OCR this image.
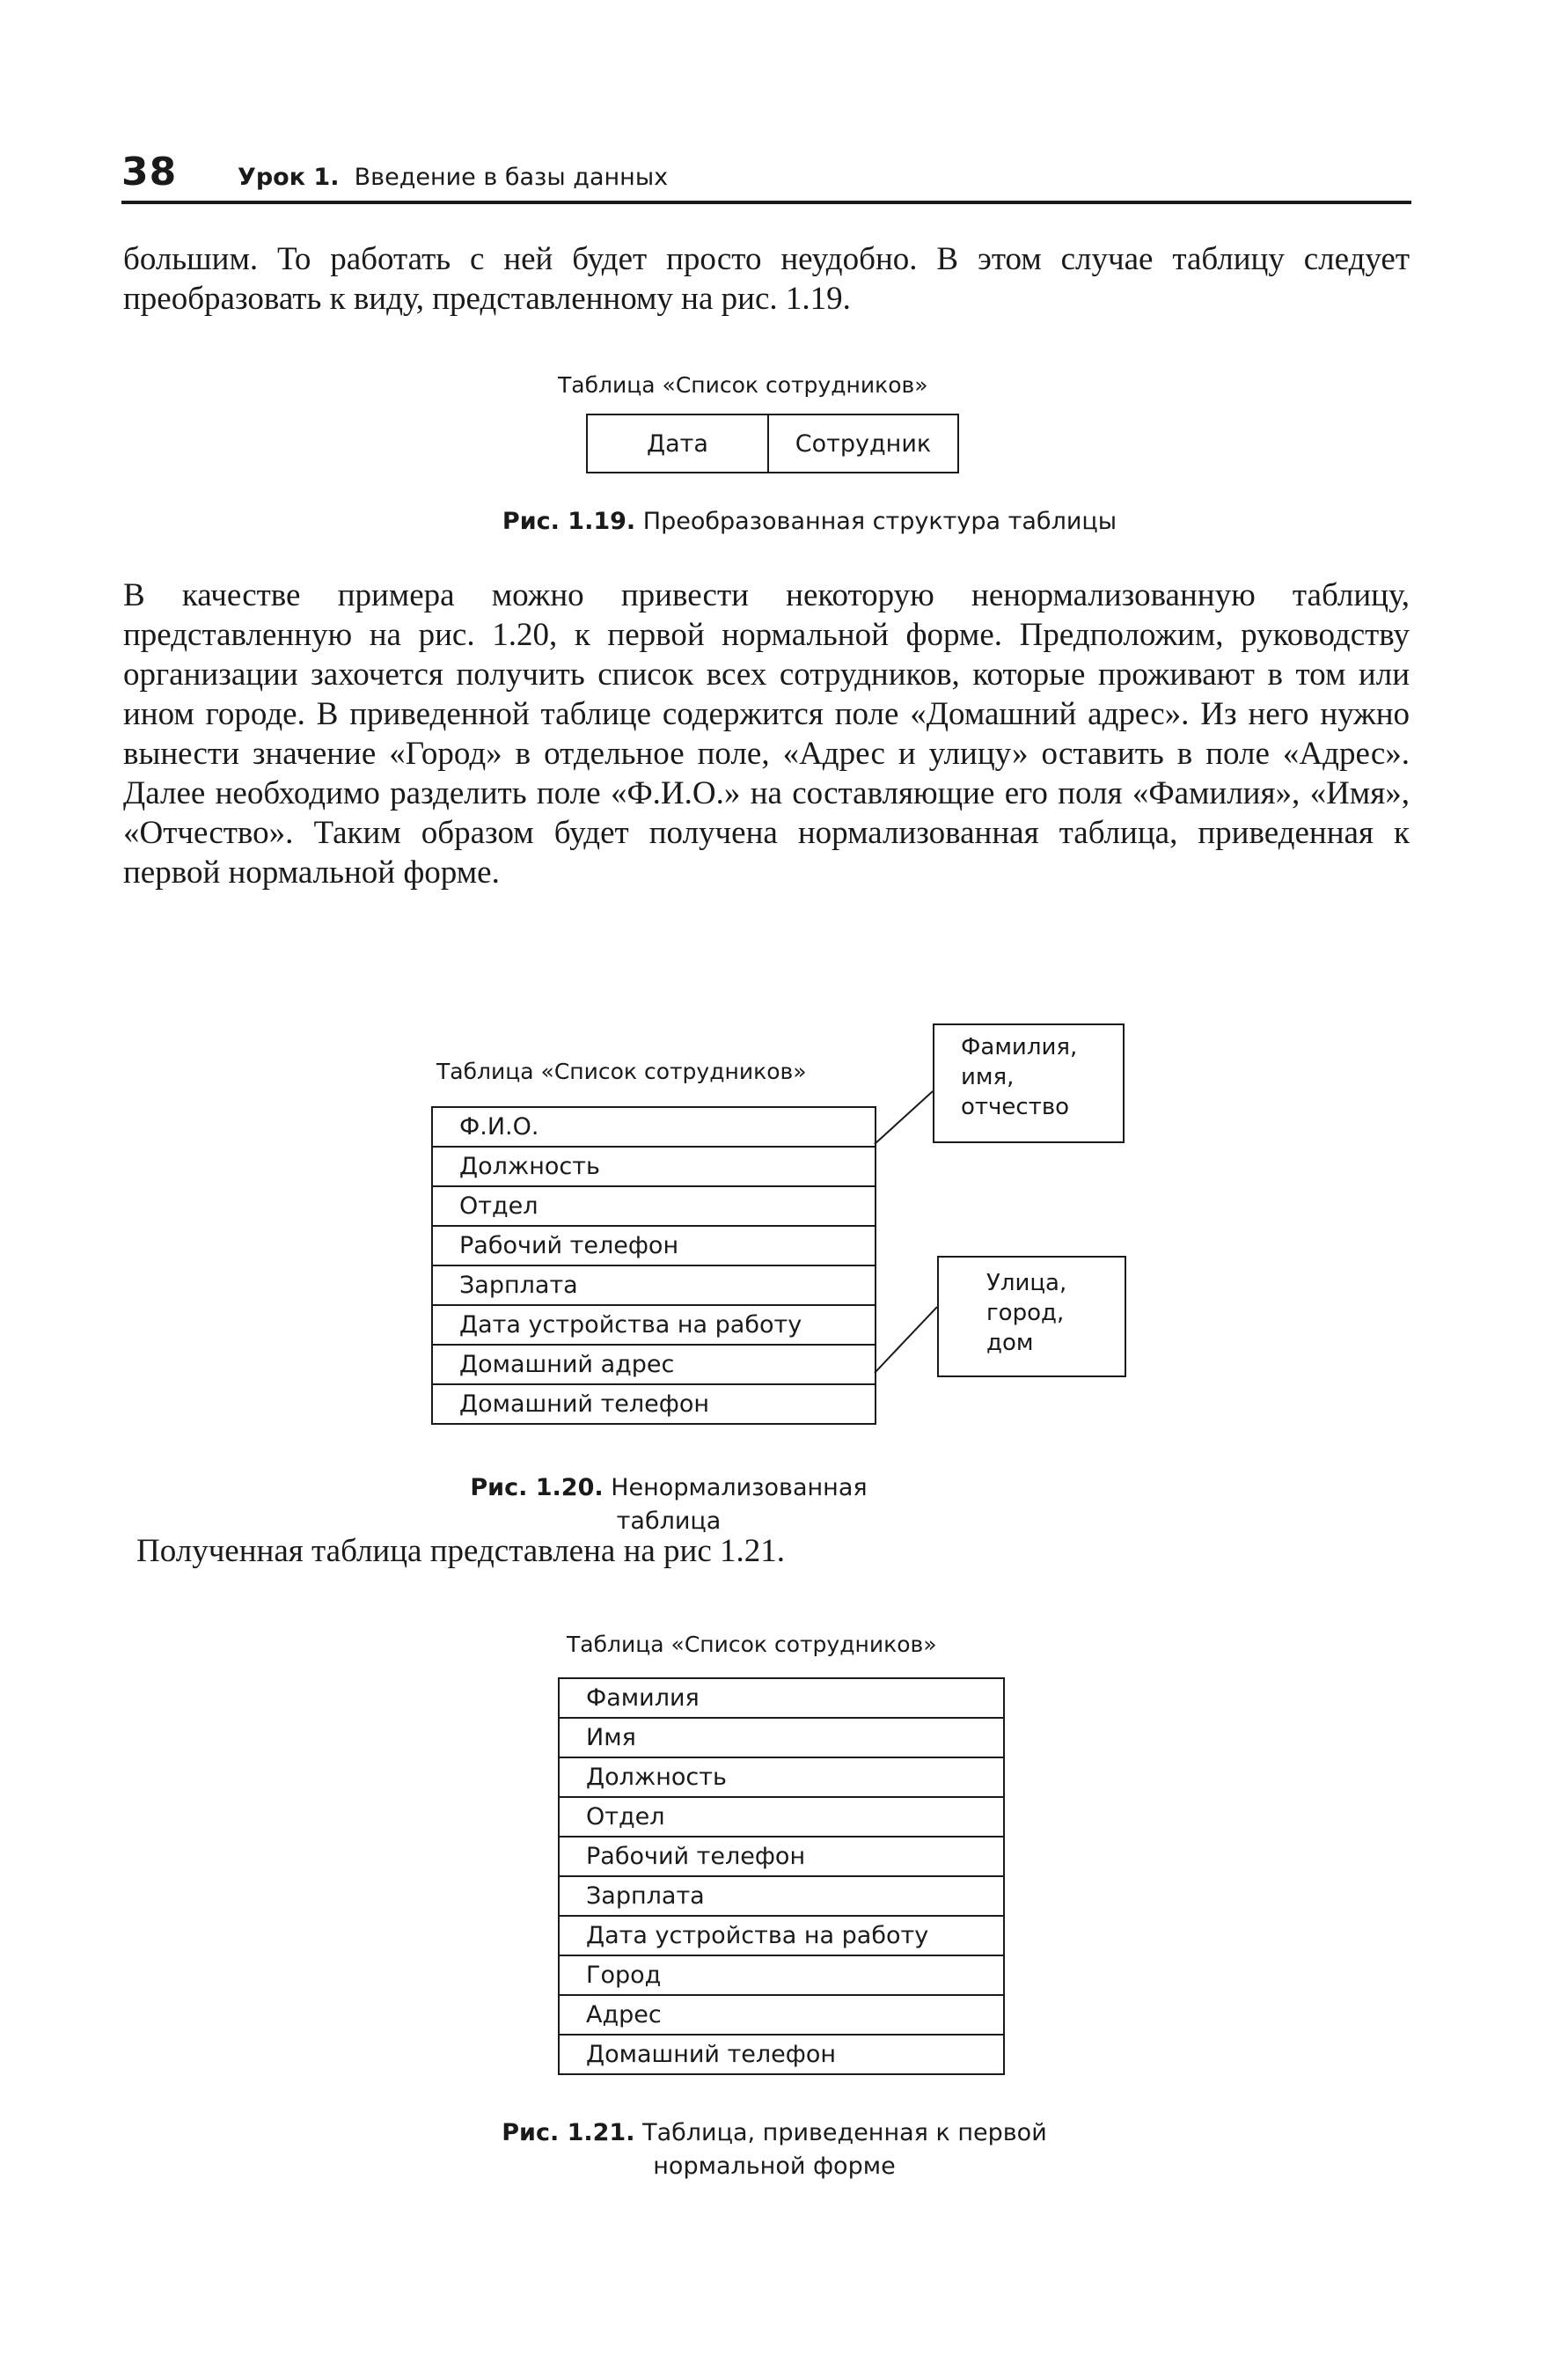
38	Урок 1. Введение в базы данных

большим. То работать с ней будет просто неудобно. В этом случае таблицу следует преобразовать к виду, представленному на рис. 1.19.

Таблица «Список сотрудников»
Дата	Сотрудник
Рис. 1.19. Преобразованная структура таблицы

В качестве примера можно привести некоторую ненормализованную таблицу, представленную на рис. 1.20, к первой нормальной форме. Предположим, руководству организации захочется получить список всех сотрудников, которые проживают в том или ином городе. В приведенной таблице содержится поле «Домашний адрес». Из него нужно вынести значение «Город» в отдельное поле, «Адрес и улицу» оставить в поле «Адрес». Далее необходимо разделить поле «Ф.И.О.» на составляющие его поля «Фамилия», «Имя», «Отчество». Таким образом будет получена нормализованная таблица, приведенная к первой нормальной форме.

Таблица «Список сотрудников»
Ф.И.О.
Должность
Отдел
Рабочий телефон
Зарплата
Дата устройства на работу
Домашний адрес
Домашний телефон
Фамилия,
имя,
отчество
Улица,
город,
дом
Рис. 1.20. Ненормализованная таблица

Полученная таблица представлена на рис 1.21.

Таблица «Список сотрудников»
Фамилия
Имя
Должность
Отдел
Рабочий телефон
Зарплата
Дата устройства на работу
Город
Адрес
Домашний телефон
Рис. 1.21. Таблица, приведенная к первой
нормальной форме
